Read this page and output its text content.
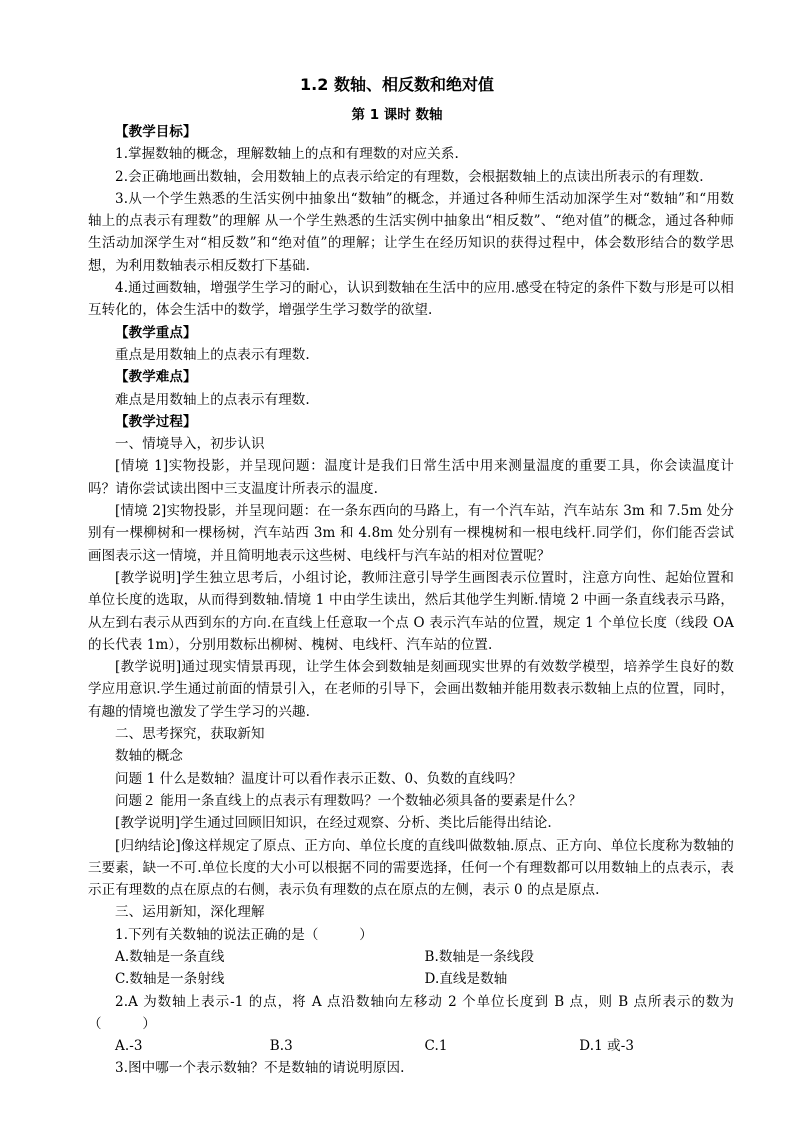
1.2 数轴、相反数和绝对值
第 1 课时 数轴

【教学目标】

1.掌握数轴的概念，理解数轴上的点和有理数的对应关系.

2.会正确地画出数轴，会用数轴上的点表示给定的有理数，会根据数轴上的点读出所表示的有理数.

3.从一个学生熟悉的生活实例中抽象出“数轴”的概念，并通过各种师生活动加深学生对“数轴”和“用数轴上的点表示有理数”的理解 从一个学生熟悉的生活实例中抽象出“相反数”、“绝对值”的概念，通过各种师生活动加深学生对“相反数”和“绝对值”的理解；让学生在经历知识的获得过程中，体会数形结合的数学思想，为利用数轴表示相反数打下基础.

4.通过画数轴，增强学生学习的耐心，认识到数轴在生活中的应用.感受在特定的条件下数与形是可以相互转化的，体会生活中的数学，增强学生学习数学的欲望.

【教学重点】

重点是用数轴上的点表示有理数.

【教学难点】

难点是用数轴上的点表示有理数.

【教学过程】

一、情境导入，初步认识

[情境 1]实物投影，并呈现问题：温度计是我们日常生活中用来测量温度的重要工具，你会读温度计吗？请你尝试读出图中三支温度计所表示的温度.

[情境 2]实物投影，并呈现问题：在一条东西向的马路上，有一个汽车站，汽车站东 3m 和 7.5m 处分别有一棵柳树和一棵杨树，汽车站西 3m 和 4.8m 处分别有一棵槐树和一根电线杆.同学们，你们能否尝试画图表示这一情境，并且简明地表示这些树、电线杆与汽车站的相对位置呢？

[教学说明]学生独立思考后，小组讨论，教师注意引导学生画图表示位置时，注意方向性、起始位置和单位长度的选取，从而得到数轴.情境 1 中由学生读出，然后其他学生判断.情境 2 中画一条直线表示马路，从左到右表示从西到东的方向.在直线上任意取一个点 O 表示汽车站的位置，规定 1 个单位长度（线段 OA 的长代表 1m），分别用数标出柳树、槐树、电线杆、汽车站的位置.

[教学说明]通过现实情景再现，让学生体会到数轴是刻画现实世界的有效数学模型，培养学生良好的数学应用意识.学生通过前面的情景引入，在老师的引导下，会画出数轴并能用数表示数轴上点的位置，同时，有趣的情境也激发了学生学习的兴趣.

二、思考探究，获取新知

数轴的概念

问题 1 什么是数轴？温度计可以看作表示正数、0、负数的直线吗？

问题２ 能用一条直线上的点表示有理数吗？一个数轴必须具备的要素是什么？

[教学说明]学生通过回顾旧知识，在经过观察、分析、类比后能得出结论.

[归纳结论]像这样规定了原点、正方向、单位长度的直线叫做数轴.原点、正方向、单位长度称为数轴的三要素，缺一不可.单位长度的大小可以根据不同的需要选择，任何一个有理数都可以用数轴上的点表示，表示正有理数的点在原点的右侧，表示负有理数的点在原点的左侧，表示 0 的点是原点.

三、运用新知，深化理解

1.下列有关数轴的说法正确的是（　　　）

A.数轴是一条直线	B.数轴是一条线段
C.数轴是一条射线	D.直线是数轴

2.A 为数轴上表示-1 的点，将 A 点沿数轴向左移动 2 个单位长度到 B 点，则 B 点所表示的数为（　　　）

A.-3	B.3	C.1	D.1 或-3

3.图中哪一个表示数轴？不是数轴的请说明原因.
